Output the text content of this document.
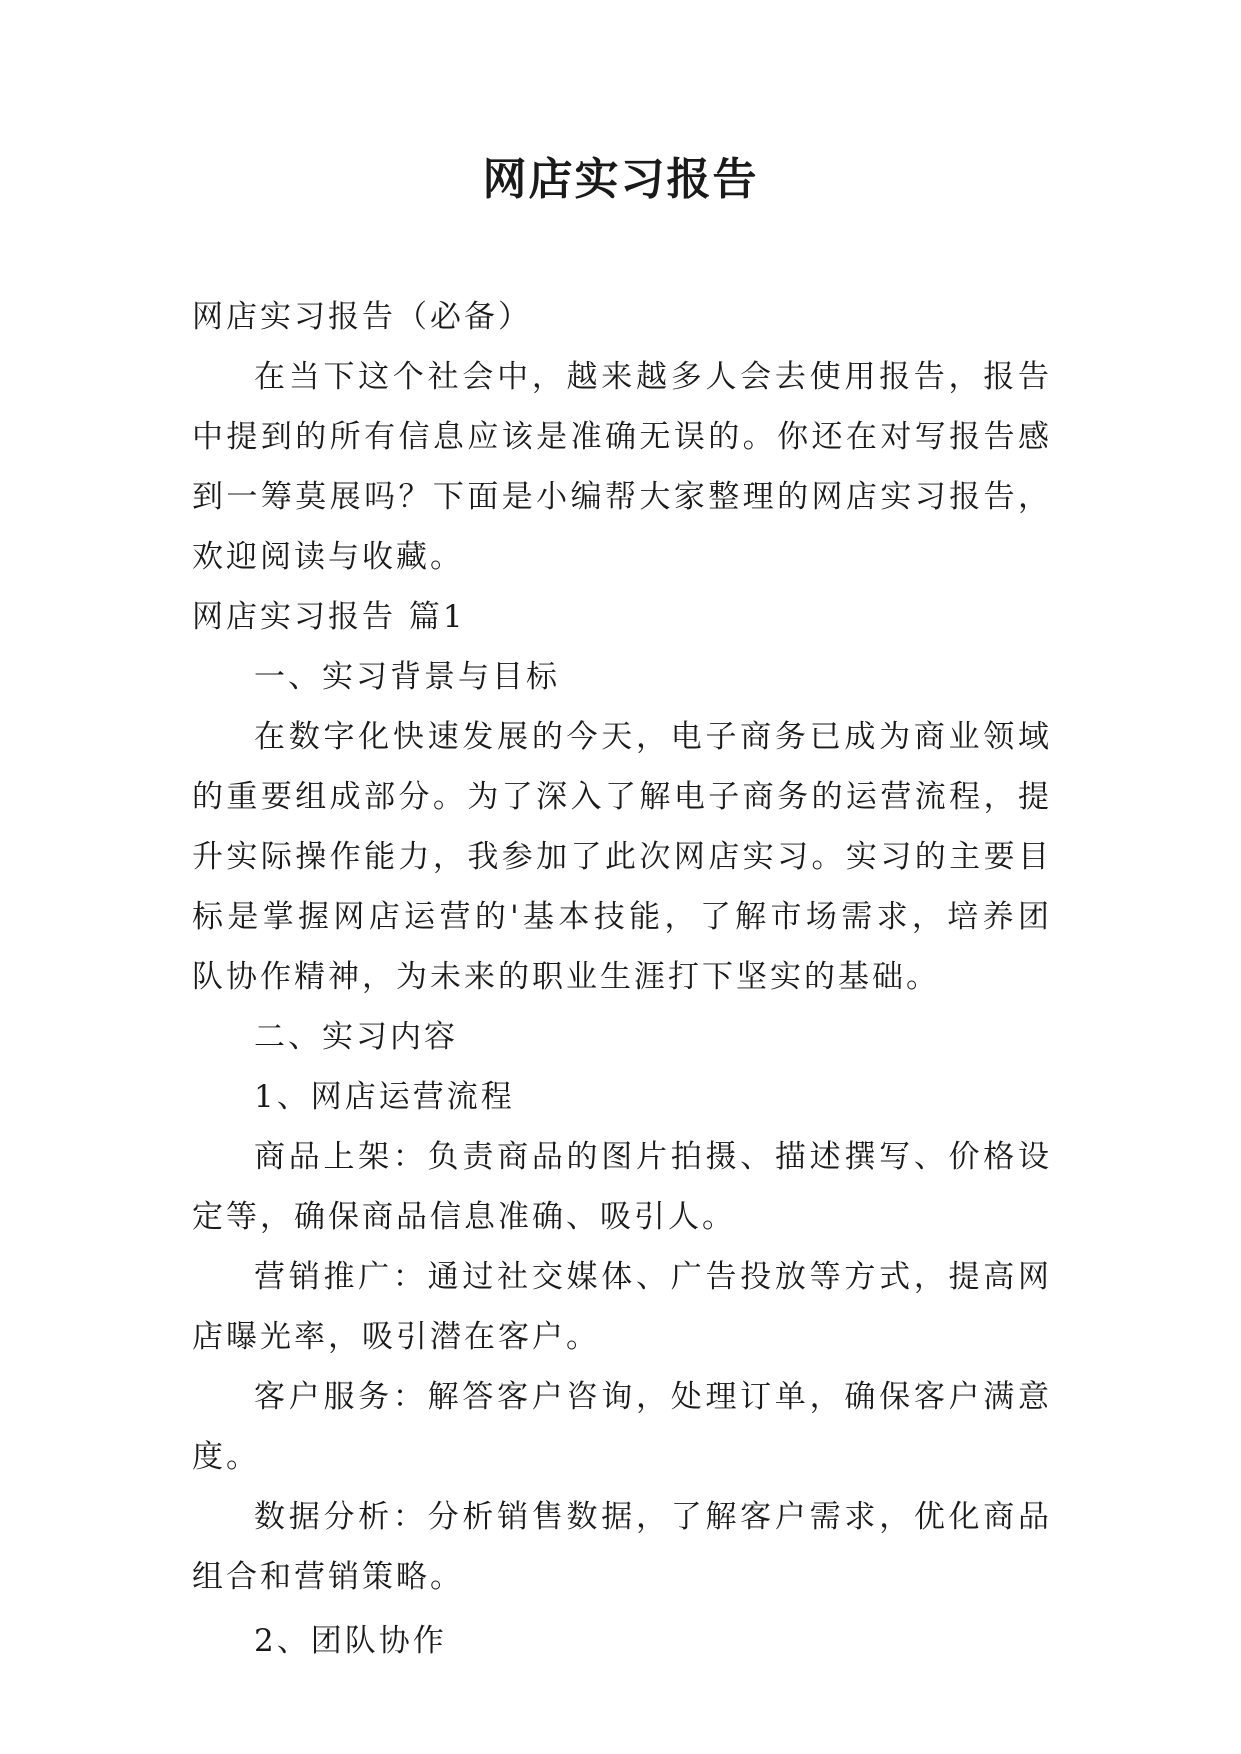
网店实习报告

网店实习报告（必备）

在当下这个社会中，越来越多人会去使用报告，报告中提到的所有信息应该是准确无误的。你还在对写报告感到一筹莫展吗？下面是小编帮大家整理的网店实习报告，欢迎阅读与收藏。

网店实习报告 篇1

一、实习背景与目标

在数字化快速发展的今天，电子商务已成为商业领域的重要组成部分。为了深入了解电子商务的运营流程，提升实际操作能力，我参加了此次网店实习。实习的主要目标是掌握网店运营的'基本技能，了解市场需求，培养团队协作精神，为未来的职业生涯打下坚实的基础。

二、实习内容

1、网店运营流程

商品上架：负责商品的图片拍摄、描述撰写、价格设定等，确保商品信息准确、吸引人。

营销推广：通过社交媒体、广告投放等方式，提高网店曝光率，吸引潜在客户。

客户服务：解答客户咨询，处理订单，确保客户满意度。

数据分析：分析销售数据，了解客户需求，优化商品组合和营销策略。

2、团队协作
